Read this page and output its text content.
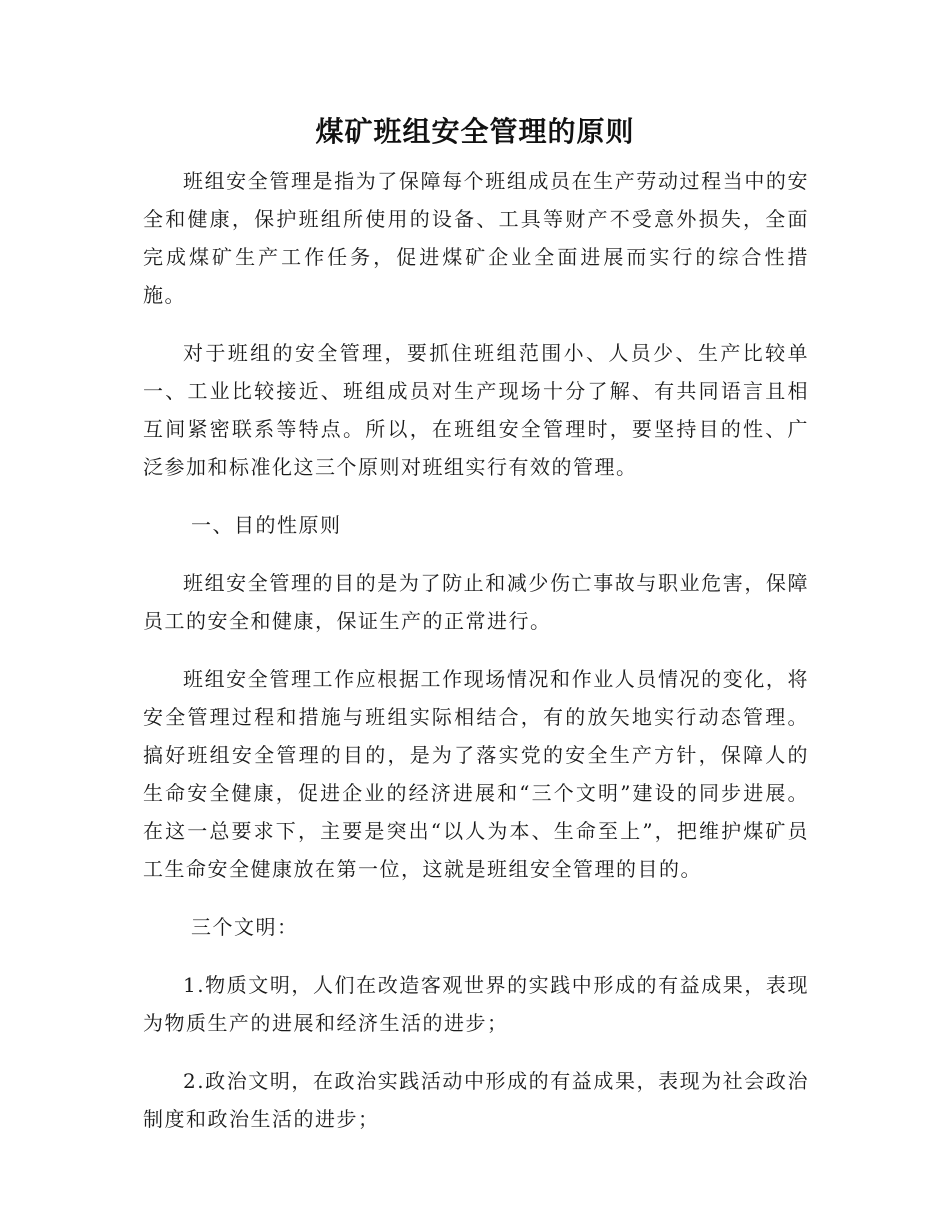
煤矿班组安全管理的原则

班组安全管理是指为了保障每个班组成员在生产劳动过程当中的安全和健康，保护班组所使用的设备、工具等财产不受意外损失，全面完成煤矿生产工作任务，促进煤矿企业全面进展而实行的综合性措施。

对于班组的安全管理，要抓住班组范围小、人员少、生产比较单一、工业比较接近、班组成员对生产现场十分了解、有共同语言且相互间紧密联系等特点。所以，在班组安全管理时，要坚持目的性、广泛参加和标准化这三个原则对班组实行有效的管理。

一、目的性原则

班组安全管理的目的是为了防止和减少伤亡事故与职业危害，保障员工的安全和健康，保证生产的正常进行。

班组安全管理工作应根据工作现场情况和作业人员情况的变化，将安全管理过程和措施与班组实际相结合，有的放矢地实行动态管理。搞好班组安全管理的目的，是为了落实党的安全生产方针，保障人的生命安全健康，促进企业的经济进展和“三个文明”建设的同步进展。在这一总要求下，主要是突出“以人为本、生命至上”，把维护煤矿员工生命安全健康放在第一位，这就是班组安全管理的目的。

三个文明：

1.物质文明，人们在改造客观世界的实践中形成的有益成果，表现为物质生产的进展和经济生活的进步；

2.政治文明，在政治实践活动中形成的有益成果，表现为社会政治制度和政治生活的进步；
